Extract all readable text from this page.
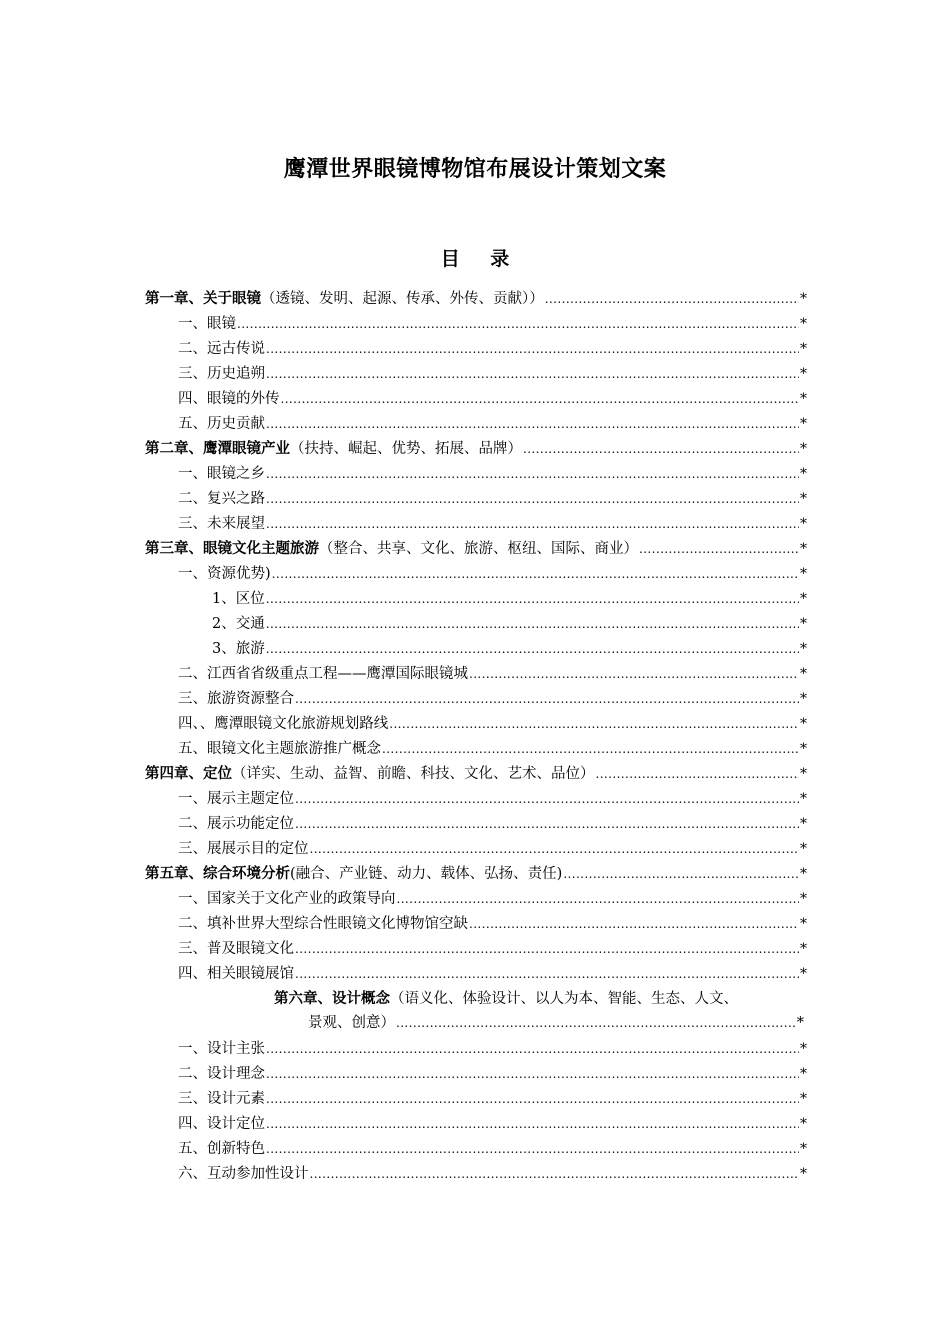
鹰潭世界眼镜博物馆布展设计策划文案
目 录
第一章、关于眼镜（透镜、发明、起源、传承、外传、贡献）） .....	*
一、眼镜 .....	*
二、远古传说 .....	*
三、历史追朔 .....	*
四、眼镜的外传 .....	*
五、历史贡献 .....	*
第二章、鹰潭眼镜产业（扶持、崛起、优势、拓展、品牌） .....	*
一、眼镜之乡 .....	*
二、复兴之路 .....	*
三、未来展望 .....	*
第三章、眼镜文化主题旅游（整合、共享、文化、旅游、枢纽、国际、商业） .....	*
一、资源优势) .....	*
1、区位 .....	*
2、交通 .....	*
3、旅游 .....	*
二、江西省省级重点工程——鹰潭国际眼镜城 .....	*
三、旅游资源整合 .....	*
四、、鹰潭眼镜文化旅游规划路线 .....	*
五、眼镜文化主题旅游推广概念 .....	*
第四章、定位（详实、生动、益智、前瞻、科技、文化、艺术、品位） .....	*
一、展示主题定位 .....	*
二、展示功能定位 .....	*
三、展展示目的定位 .....	*
第五章、综合环境分析(融合、产业链、动力、载体、弘扬、责任) .....	*
一、国家关于文化产业的政策导向 .....	*
二、填补世界大型综合性眼镜文化博物馆空缺 .....	*
三、普及眼镜文化 .....	*
四、相关眼镜展馆 .....	*
第六章、设计概念（语义化、体验设计、以人为本、智能、生态、人文、
景观、创意） .....	*
一、设计主张 .....	*
二、设计理念 .....	*
三、设计元素 .....	*
四、设计定位 .....	*
五、创新特色 .....	*
六、互动参加性设计 .....	*
